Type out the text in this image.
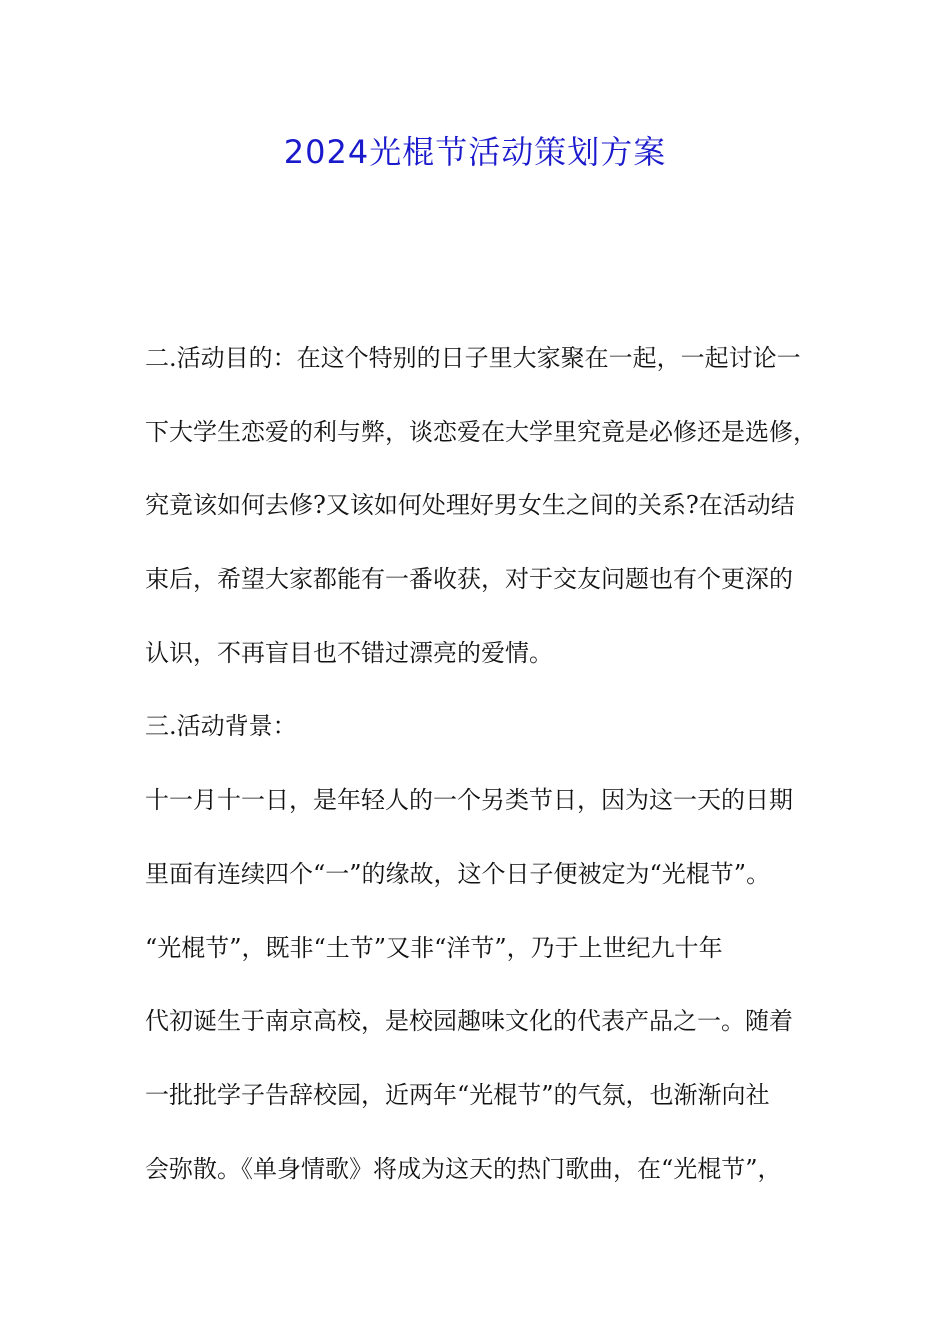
2024光棍节活动策划方案
二.活动目的：在这个特别的日子里大家聚在一起，一起讨论一
下大学生恋爱的利与弊，谈恋爱在大学里究竟是必修还是选修，
究竟该如何去修?又该如何处理好男女生之间的关系?在活动结
束后，希望大家都能有一番收获，对于交友问题也有个更深的
认识，不再盲目也不错过漂亮的爱情。
三.活动背景：
十一月十一日，是年轻人的一个另类节日，因为这一天的日期
里面有连续四个“一”的缘故，这个日子便被定为“光棍节”。
“光棍节”，既非“土节”又非“洋节”，乃于上世纪九十年
代初诞生于南京高校，是校园趣味文化的代表产品之一。随着
一批批学子告辞校园，近两年“光棍节”的气氛，也渐渐向社
会弥散。《单身情歌》将成为这天的热门歌曲，在“光棍节”，
